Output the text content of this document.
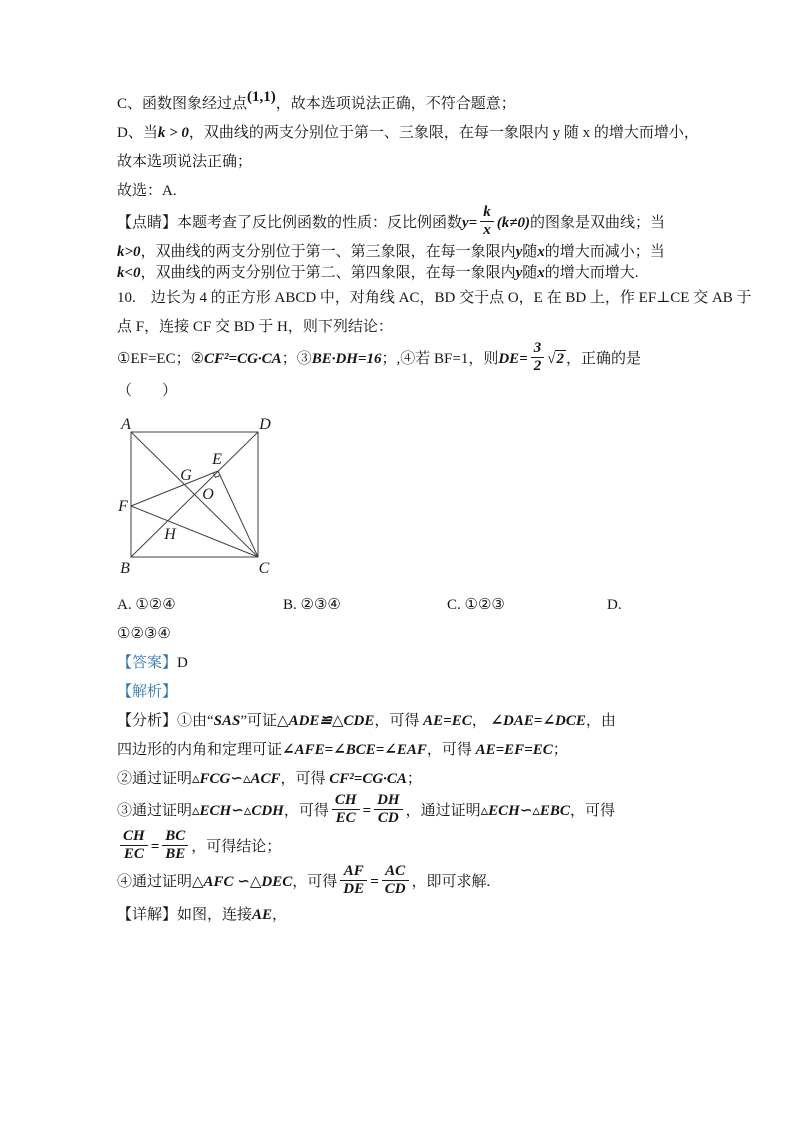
C、函数图象经过点(1,1)，故本选项说法正确，不符合题意；

D、当k > 0，双曲线的两支分别位于第一、三象限，在每一象限内 y 随 x 的增大而增小，

故本选项说法正确；

故选：A.

【点睛】本题考查了反比例函数的性质：反比例函数$y= \frac{k}{x} (k\ne 0)$的图象是双曲线；当

k>0，双曲线的两支分别位于第一、第三象限，在每一象限内y随x的增大而减小；当

k<0，双曲线的两支分别位于第二、第四象限，在每一象限内y随x的增大而增大.

10.　边长为 4 的正方形 ABCD 中，对角线 AC，BD 交于点 O，E 在 BD 上，作 EF⊥CE 交 AB 于

点 F，连接 CF 交 BD 于 H，则下列结论：

①EF=EC；②CF²=CG·CA；③BE·DH=16；,④若 BF=1，则$DE= \frac{3}{2} √2$ ，正确的是

（　　）

A	D
B	C
E
G
O
F
H

A. ①②④	B. ②③④	C. ①②③	D.

①②③④

【答案】D

【解析】

【分析】①由“SAS”可证△ADE≌△CDE，可得 AE=EC， ∠DAE=∠DCE，由

四边形的内角和定理可证∠AFE=∠BCE=∠EAF，可得 AE=EF=EC；

②通过证明▵FCG∽▵ACF，可得 CF²=CG·CA；

③通过证明▵ECH∽▵CDH，可得 $\frac{CH}{EC} = \frac{DH}{CD}$ ，通过证明▵ECH∽▵EBC，可得

$\frac{CH}{EC} = \frac{BC}{BE}$ ，可得结论；

④通过证明△AFC ∽△DEC，可得 $\frac{AF}{DE} = \frac{AC}{CD}$ ，即可求解.

【详解】如图，连接AE，
